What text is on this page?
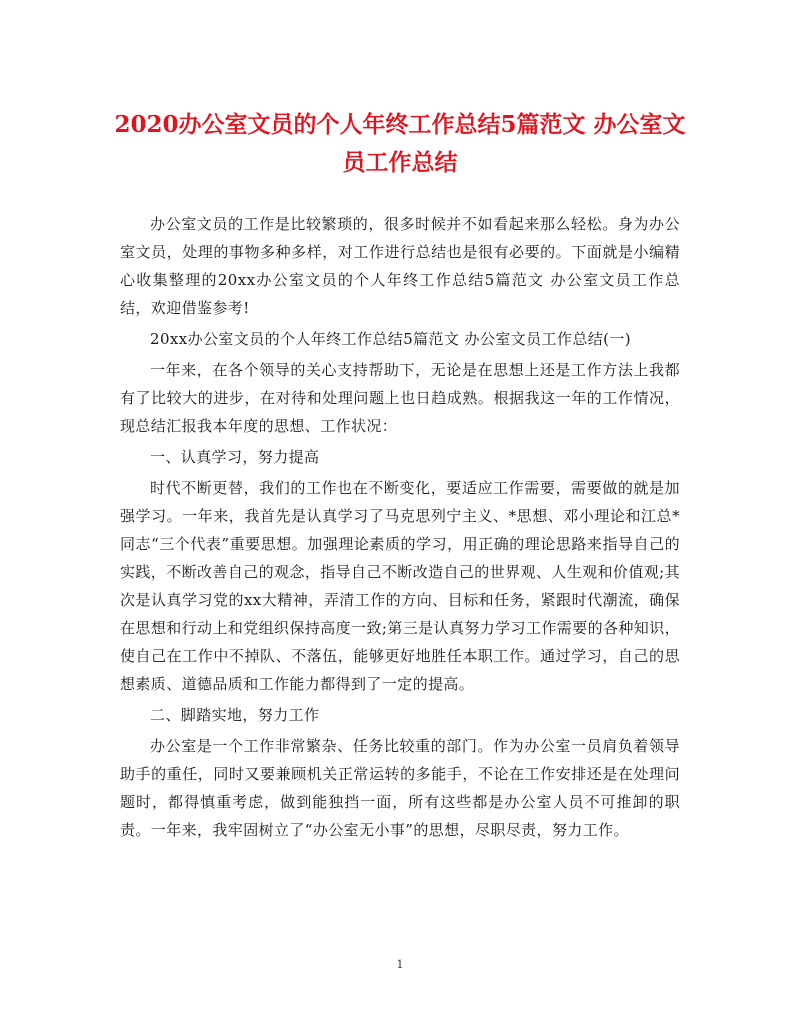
2020办公室文员的个人年终工作总结5篇范文 办公室文员工作总结

办公室文员的工作是比较繁琐的，很多时候并不如看起来那么轻松。身为办公室文员，处理的事物多种多样，对工作进行总结也是很有必要的。下面就是小编精心收集整理的20xx办公室文员的个人年终工作总结5篇范文 办公室文员工作总结，欢迎借鉴参考!

20xx办公室文员的个人年终工作总结5篇范文 办公室文员工作总结(一)

一年来，在各个领导的关心支持帮助下，无论是在思想上还是工作方法上我都有了比较大的进步，在对待和处理问题上也日趋成熟。根据我这一年的工作情况，现总结汇报我本年度的思想、工作状况：

一、认真学习，努力提高

时代不断更替，我们的工作也在不断变化，要适应工作需要，需要做的就是加强学习。一年来，我首先是认真学习了马克思列宁主义、*思想、邓小理论和江总*同志“三个代表”重要思想。加强理论素质的学习，用正确的理论思路来指导自己的实践，不断改善自己的观念，指导自己不断改造自己的世界观、人生观和价值观;其次是认真学习党的xx大精神，弄清工作的方向、目标和任务，紧跟时代潮流，确保在思想和行动上和党组织保持高度一致;第三是认真努力学习工作需要的各种知识，使自己在工作中不掉队、不落伍，能够更好地胜任本职工作。通过学习，自己的思想素质、道德品质和工作能力都得到了一定的提高。

二、脚踏实地，努力工作

办公室是一个工作非常繁杂、任务比较重的部门。作为办公室一员肩负着领导助手的重任，同时又要兼顾机关正常运转的多能手，不论在工作安排还是在处理问题时，都得慎重考虑，做到能独挡一面，所有这些都是办公室人员不可推卸的职责。一年来，我牢固树立了“办公室无小事”的思想，尽职尽责，努力工作。

1
